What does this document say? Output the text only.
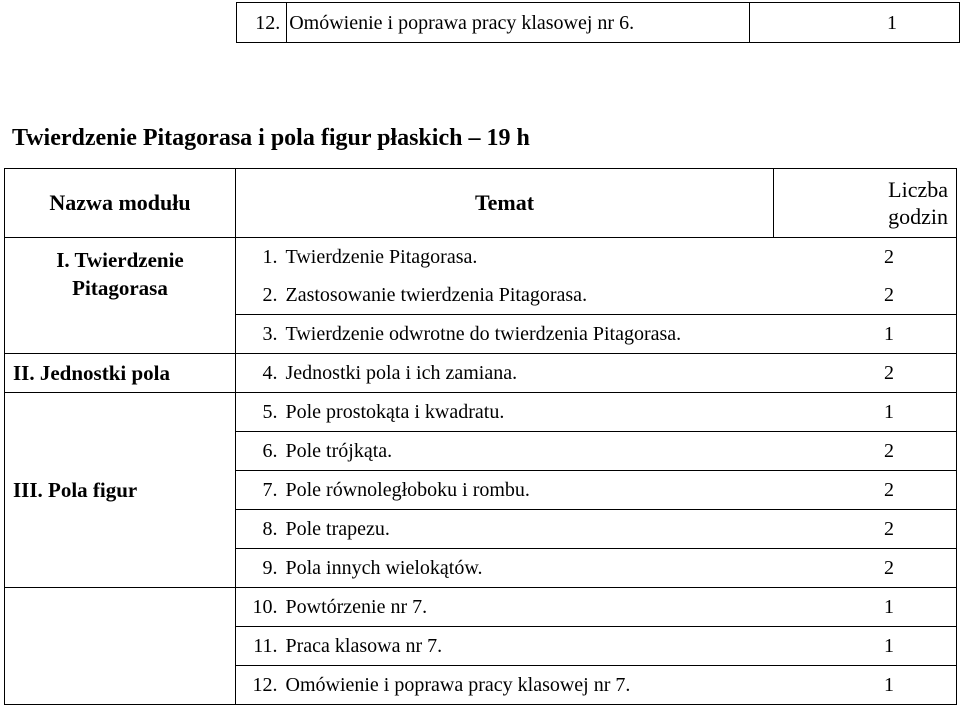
12.	Omówienie i poprawa pracy klasowej nr 6.	1
Twierdzenie Pitagorasa i pola figur płaskich – 19 h
Nazwa modułu	Temat		Liczba
godzin
I. Twierdzenie
Pitagorasa	1.	Twierdzenie Pitagorasa.	2
	2.	Zastosowanie twierdzenia Pitagorasa.	2
	3.	Twierdzenie odwrotne do twierdzenia Pitagorasa.	1
II. Jednostki pola	4.	Jednostki pola i ich zamiana.	2
III. Pola figur	5.	Pole prostokąta i kwadratu.	1
	6.	Pole trójkąta.	2
	7.	Pole równoległoboku i rombu.	2
	8.	Pole trapezu.	2
	9.	Pola innych wielokątów.	2
	10.	Powtórzenie nr 7.	1
	11.	Praca klasowa nr 7.	1
	12.	Omówienie i poprawa pracy klasowej nr 7.	1
